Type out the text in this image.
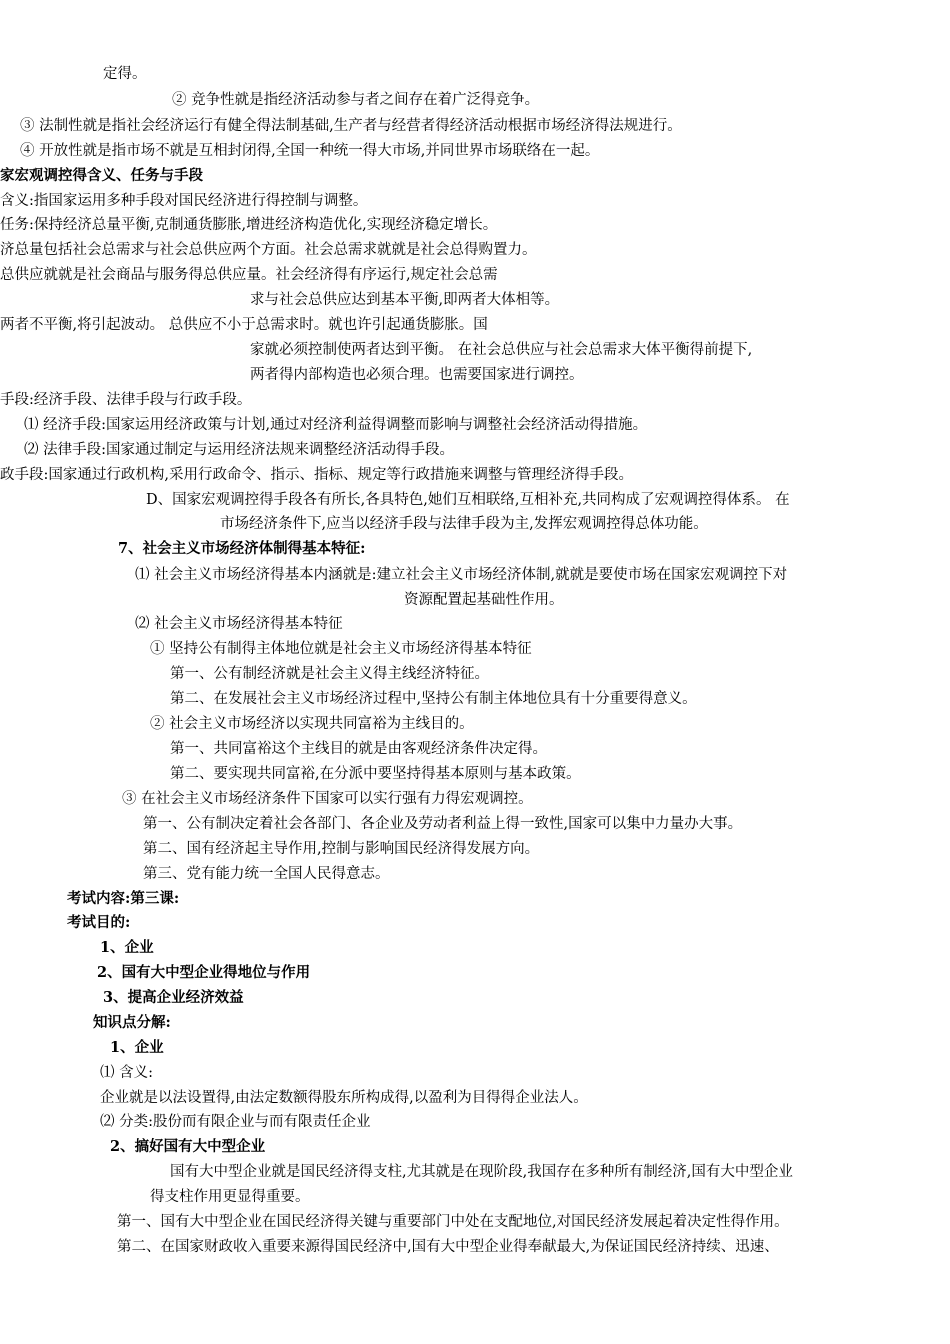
定得。
② 竞争性就是指经济活动参与者之间存在着广泛得竞争。
③ 法制性就是指社会经济运行有健全得法制基础,生产者与经营者得经济活动根据市场经济得法规进行。
④ 开放性就是指市场不就是互相封闭得,全国一种统一得大市场,并同世界市场联络在一起。
家宏观调控得含义、任务与手段
含义:指国家运用多种手段对国民经济进行得控制与调整。
任务:保持经济总量平衡,克制通货膨胀,增进经济构造优化,实现经济稳定增长。
济总量包括社会总需求与社会总供应两个方面。社会总需求就就是社会总得购置力。
总供应就就是社会商品与服务得总供应量。社会经济得有序运行,规定社会总需
求与社会总供应达到基本平衡,即两者大体相等。
两者不平衡,将引起波动。 总供应不小于总需求时。就也许引起通货膨胀。国
家就必须控制使两者达到平衡。 在社会总供应与社会总需求大体平衡得前提下,
两者得内部构造也必须合理。也需要国家进行调控。
手段:经济手段、法律手段与行政手段。
⑴ 经济手段:国家运用经济政策与计划,通过对经济利益得调整而影响与调整社会经济活动得措施。
⑵ 法律手段:国家通过制定与运用经济法规来调整经济活动得手段。
政手段:国家通过行政机构,采用行政命令、指示、指标、规定等行政措施来调整与管理经济得手段。
D、国家宏观调控得手段各有所长,各具特色,她们互相联络,互相补充,共同构成了宏观调控得体系。 在
市场经济条件下,应当以经济手段与法律手段为主,发挥宏观调控得总体功能。
7、社会主义市场经济体制得基本特征:
⑴ 社会主义市场经济得基本内涵就是:建立社会主义市场经济体制,就就是要使市场在国家宏观调控下对
资源配置起基础性作用。
⑵ 社会主义市场经济得基本特征
① 坚持公有制得主体地位就是社会主义市场经济得基本特征
第一、公有制经济就是社会主义得主线经济特征。
第二、在发展社会主义市场经济过程中,坚持公有制主体地位具有十分重要得意义。
② 社会主义市场经济以实现共同富裕为主线目的。
第一、共同富裕这个主线目的就是由客观经济条件决定得。
第二、要实现共同富裕,在分派中要坚持得基本原则与基本政策。
③ 在社会主义市场经济条件下国家可以实行强有力得宏观调控。
第一、公有制决定着社会各部门、各企业及劳动者利益上得一致性,国家可以集中力量办大事。
第二、国有经济起主导作用,控制与影响国民经济得发展方向。
第三、党有能力统一全国人民得意志。
考试内容:第三课:
考试目的:
1、企业
2、国有大中型企业得地位与作用
3、提高企业经济效益
知识点分解:
1、企业
⑴ 含义:
企业就是以法设置得,由法定数额得股东所构成得,以盈利为目得得企业法人。
⑵ 分类:股份而有限企业与而有限责任企业
2、搞好国有大中型企业
国有大中型企业就是国民经济得支柱,尤其就是在现阶段,我国存在多种所有制经济,国有大中型企业
得支柱作用更显得重要。
第一、国有大中型企业在国民经济得关键与重要部门中处在支配地位,对国民经济发展起着决定性得作用。
第二、在国家财政收入重要来源得国民经济中,国有大中型企业得奉献最大,为保证国民经济持续、迅速、
